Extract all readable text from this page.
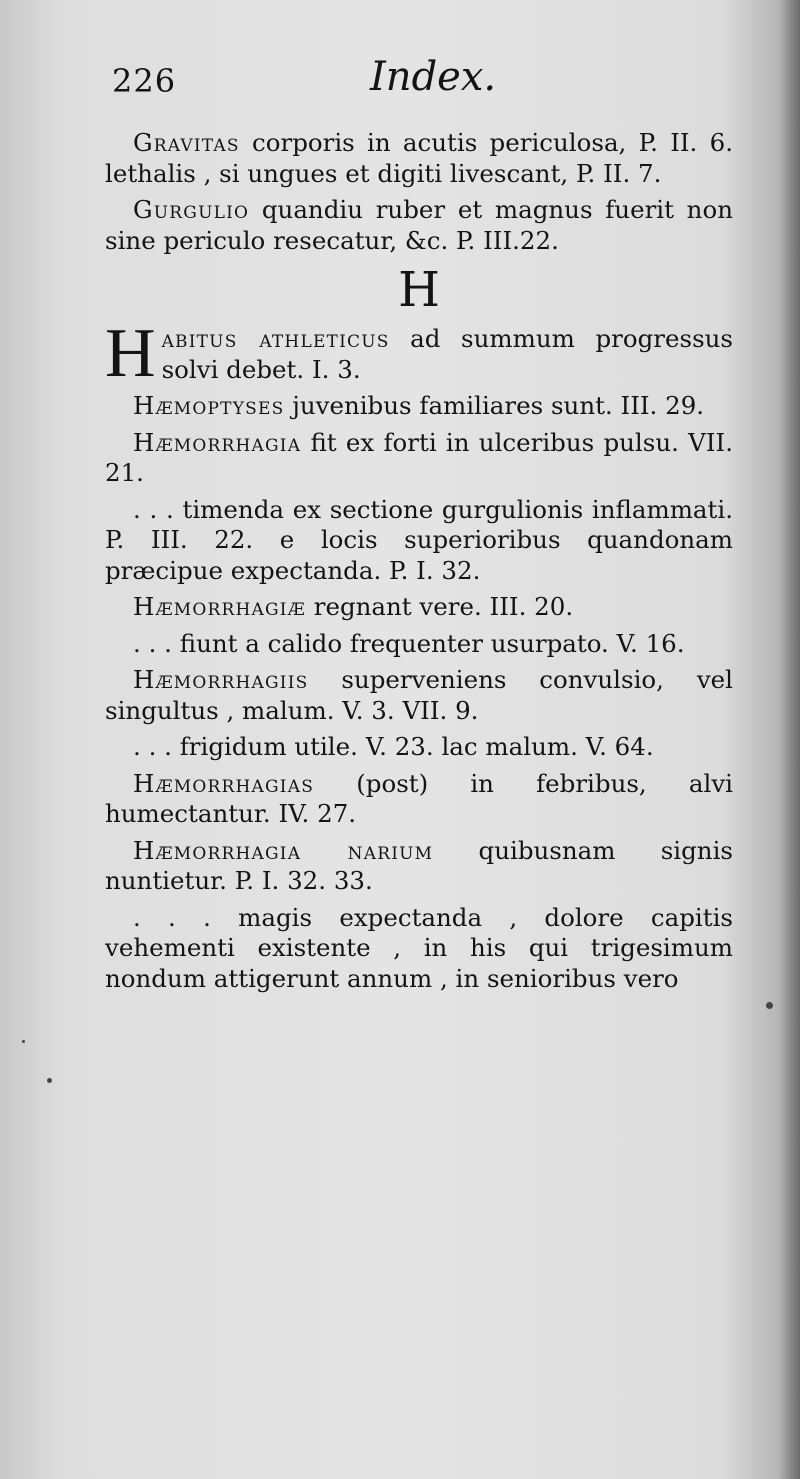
226	Index.

Gravitas corporis in acutis periculosa, P. II. 6. lethalis , si ungues et digiti livescant, P. II. 7.

Gurgulio quandiu ruber et magnus fuerit non sine periculo resecatur, &c. P. III.22.

H

Habitus athleticus ad summum progressus solvi debet. I. 3.

Hæmoptyses juvenibus familiares sunt. III. 29.

Hæmorrhagia fit ex forti in ulceribus pulsu. VII. 21.

. . . timenda ex sectione gurgulionis inflammati. P. III. 22. e locis superioribus quandonam præcipue expectanda. P. I. 32.

Hæmorrhagiæ regnant vere. III. 20.

. . . fiunt a calido frequenter usurpato. V. 16.

Hæmorrhagiis superveniens convulsio, vel singultus , malum. V. 3. VII. 9.

. . . frigidum utile. V. 23. lac malum. V. 64.

Hæmorrhagias (post) in febribus, alvi humectantur. IV. 27.

Hæmorrhagia narium quibusnam signis nuntietur. P. I. 32. 33.

. . . magis expectanda , dolore capitis vehementi existente , in his qui trigesimum nondum attigerunt annum , in senioribus vero
